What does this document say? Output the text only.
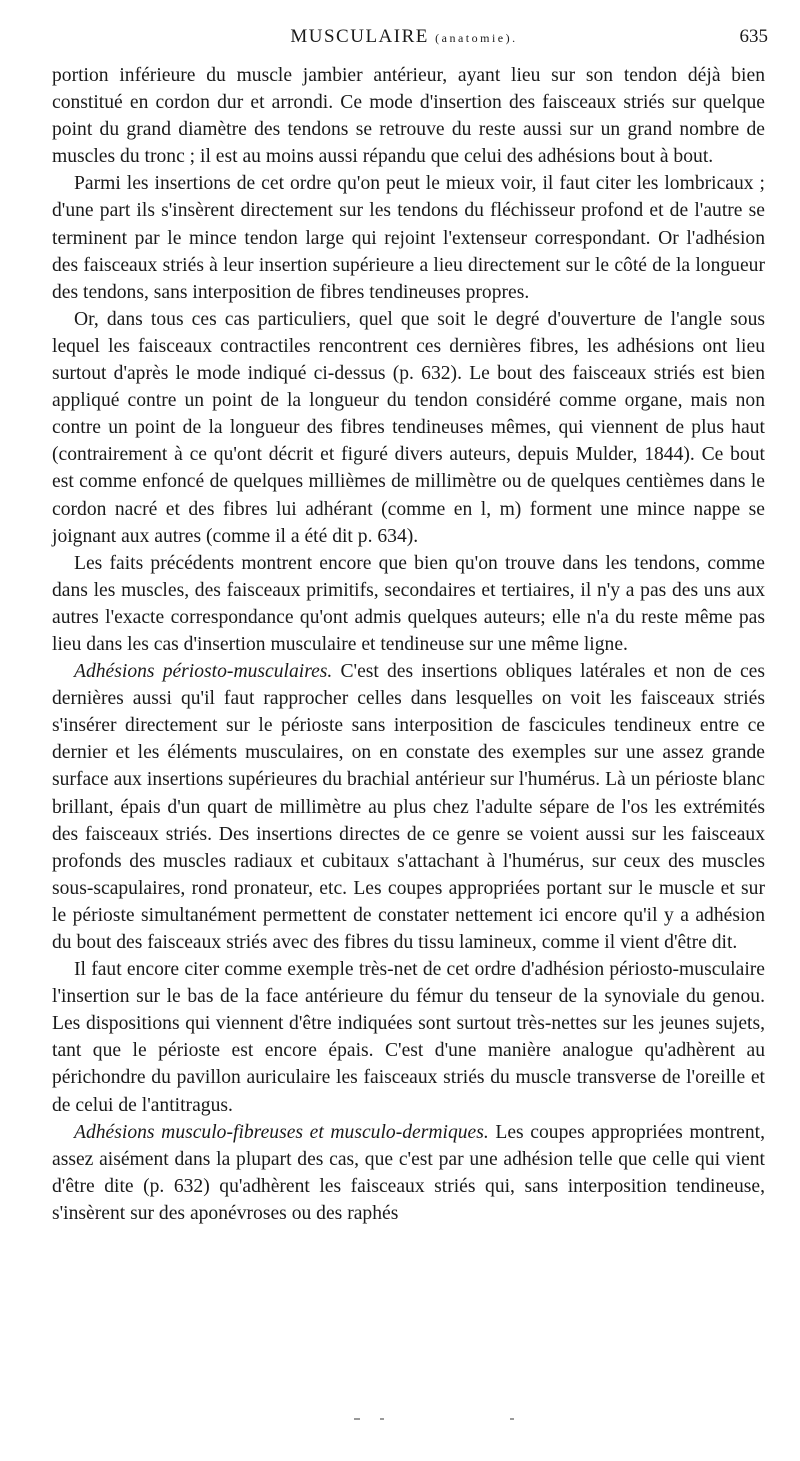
MUSCULAIRE (anatomie).	635

portion inférieure du muscle jambier antérieur, ayant lieu sur son tendon déjà bien constitué en cordon dur et arrondi. Ce mode d'insertion des faisceaux striés sur quelque point du grand diamètre des tendons se retrouve du reste aussi sur un grand nombre de muscles du tronc ; il est au moins aussi répandu que celui des adhésions bout à bout.

Parmi les insertions de cet ordre qu'on peut le mieux voir, il faut citer les lombricaux ; d'une part ils s'insèrent directement sur les tendons du fléchisseur profond et de l'autre se terminent par le mince tendon large qui rejoint l'extenseur correspondant. Or l'adhésion des faisceaux striés à leur insertion supérieure a lieu directement sur le côté de la longueur des tendons, sans interposition de fibres tendineuses propres.

Or, dans tous ces cas particuliers, quel que soit le degré d'ouverture de l'angle sous lequel les faisceaux contractiles rencontrent ces dernières fibres, les adhésions ont lieu surtout d'après le mode indiqué ci-dessus (p. 632). Le bout des faisceaux striés est bien appliqué contre un point de la longueur du tendon considéré comme organe, mais non contre un point de la longueur des fibres tendineuses mêmes, qui viennent de plus haut (contrairement à ce qu'ont décrit et figuré divers auteurs, depuis Mulder, 1844). Ce bout est comme enfoncé de quelques millièmes de millimètre ou de quelques centièmes dans le cordon nacré et des fibres lui adhérant (comme en l, m) forment une mince nappe se joignant aux autres (comme il a été dit p. 634).

Les faits précédents montrent encore que bien qu'on trouve dans les tendons, comme dans les muscles, des faisceaux primitifs, secondaires et tertiaires, il n'y a pas des uns aux autres l'exacte correspondance qu'ont admis quelques auteurs; elle n'a du reste même pas lieu dans les cas d'insertion musculaire et tendineuse sur une même ligne.

Adhésions périosto-musculaires. C'est des insertions obliques latérales et non de ces dernières aussi qu'il faut rapprocher celles dans lesquelles on voit les faisceaux striés s'insérer directement sur le périoste sans interposition de fascicules tendineux entre ce dernier et les éléments musculaires, on en constate des exemples sur une assez grande surface aux insertions supérieures du brachial antérieur sur l'humérus. Là un périoste blanc brillant, épais d'un quart de millimètre au plus chez l'adulte sépare de l'os les extrémités des faisceaux striés. Des insertions directes de ce genre se voient aussi sur les faisceaux profonds des muscles radiaux et cubitaux s'attachant à l'humérus, sur ceux des muscles sous-scapulaires, rond pronateur, etc. Les coupes appropriées portant sur le muscle et sur le périoste simultanément permettent de constater nettement ici encore qu'il y a adhésion du bout des faisceaux striés avec des fibres du tissu lamineux, comme il vient d'être dit.

Il faut encore citer comme exemple très-net de cet ordre d'adhésion périosto-musculaire l'insertion sur le bas de la face antérieure du fémur du tenseur de la synoviale du genou. Les dispositions qui viennent d'être indiquées sont surtout très-nettes sur les jeunes sujets, tant que le périoste est encore épais. C'est d'une manière analogue qu'adhèrent au périchondre du pavillon auriculaire les faisceaux striés du muscle transverse de l'oreille et de celui de l'antitragus.

Adhésions musculo-fibreuses et musculo-dermiques. Les coupes appropriées montrent, assez aisément dans la plupart des cas, que c'est par une adhésion telle que celle qui vient d'être dite (p. 632) qu'adhèrent les faisceaux striés qui, sans interposition tendineuse, s'insèrent sur des aponévroses ou des raphés
